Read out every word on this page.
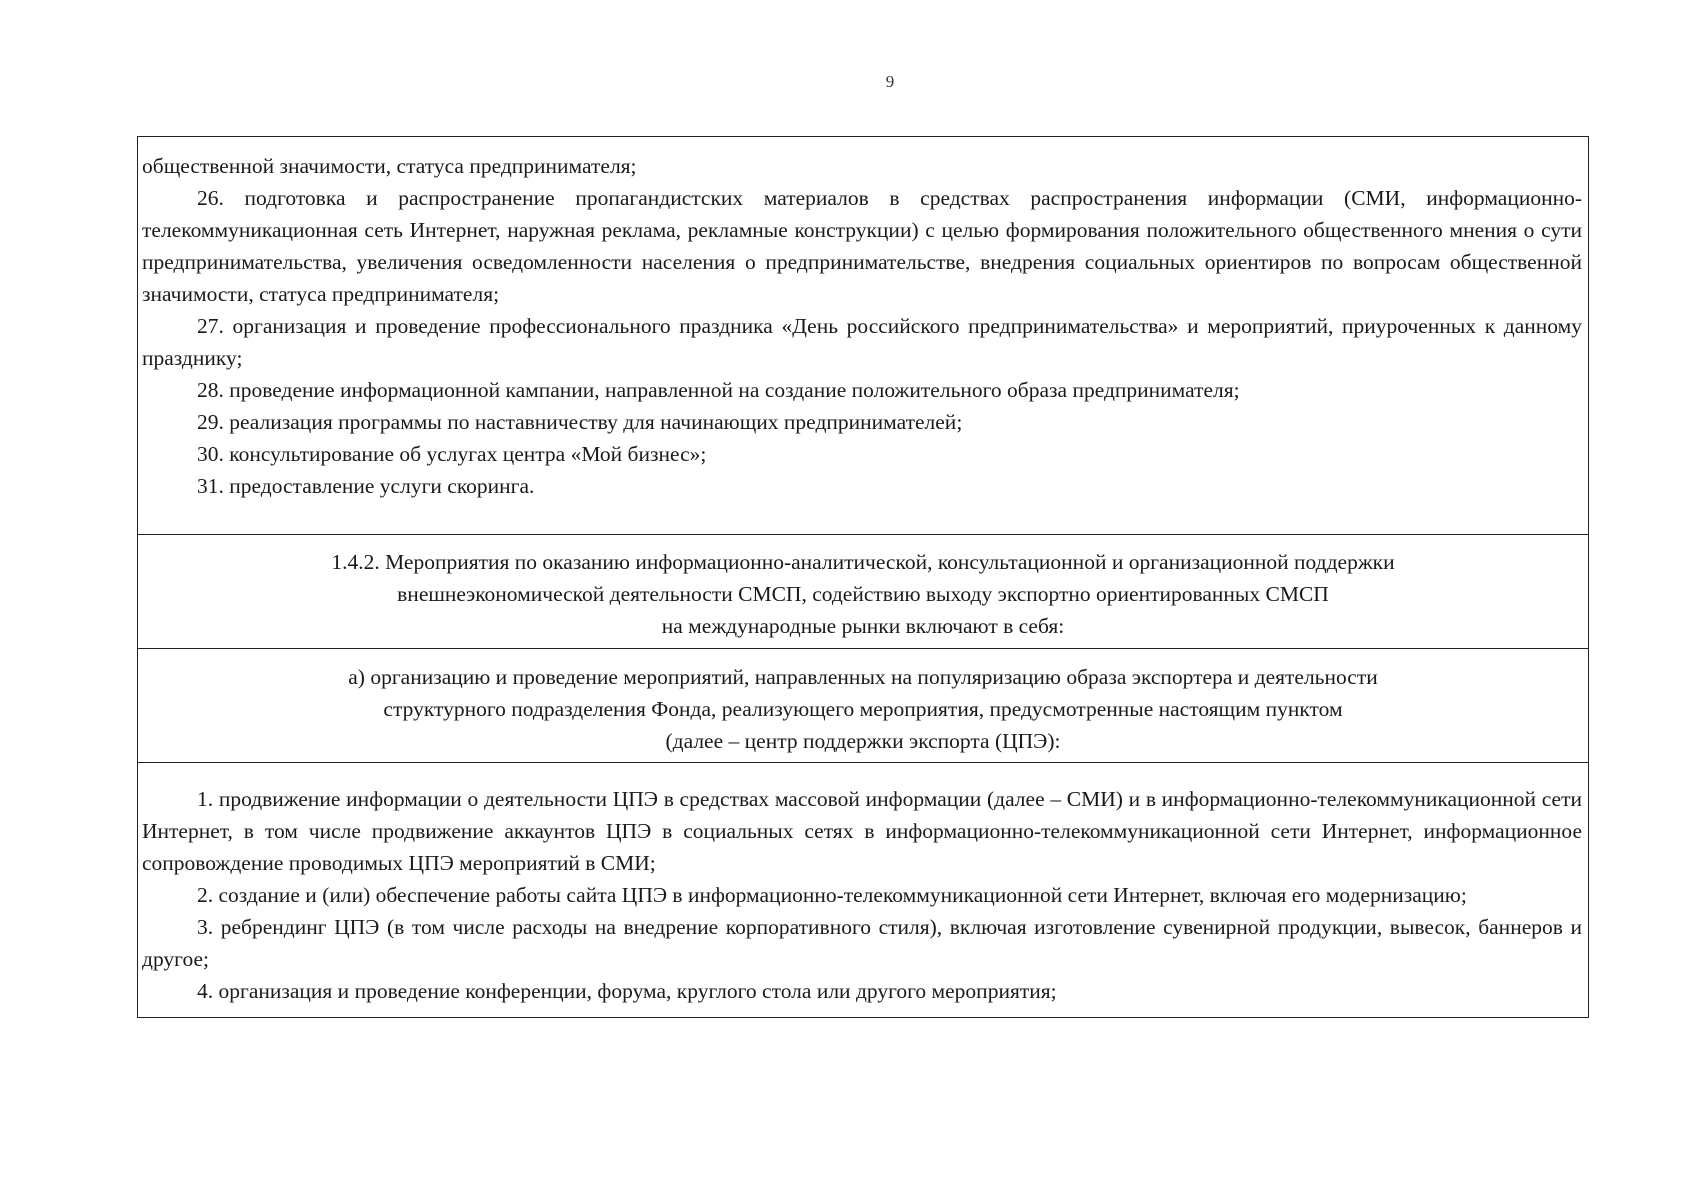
9

общественной значимости, статуса предпринимателя;

26. подготовка и распространение пропагандистских материалов в средствах распространения информации (СМИ, информационно-телекоммуникационная сеть Интернет, наружная реклама, рекламные конструкции) с целью формирования положительного общественного мнения о сути предпринимательства, увеличения осведомленности населения о предпринимательстве, внедрения социальных ориентиров по вопросам общественной значимости, статуса предпринимателя;

27. организация и проведение профессионального праздника «День российского предпринимательства» и мероприятий, приуроченных к данному празднику;

28. проведение информационной кампании, направленной на создание положительного образа предпринимателя;

29. реализация программы по наставничеству для начинающих предпринимателей;

30. консультирование об услугах центра «Мой бизнес»;

31. предоставление услуги скоринга.

1.4.2. Мероприятия по оказанию информационно-аналитической, консультационной и организационной поддержки

внешнеэкономической деятельности СМСП, содействию выходу экспортно ориентированных СМСП

на международные рынки включают в себя:

а) организацию и проведение мероприятий, направленных на популяризацию образа экспортера и деятельности

структурного подразделения Фонда, реализующего мероприятия, предусмотренные настоящим пунктом

(далее – центр поддержки экспорта (ЦПЭ):

1. продвижение информации о деятельности ЦПЭ в средствах массовой информации (далее – СМИ) и в информационно-телекоммуникационной сети Интернет, в том числе продвижение аккаунтов ЦПЭ в социальных сетях в информационно-телекоммуникационной сети Интернет, информационное сопровождение проводимых ЦПЭ мероприятий в СМИ;

2. создание и (или) обеспечение работы сайта ЦПЭ в информационно-телекоммуникационной сети Интернет, включая его модернизацию;

3. ребрендинг ЦПЭ (в том числе расходы на внедрение корпоративного стиля), включая изготовление сувенирной продукции, вывесок, баннеров и другое;

4. организация и проведение конференции, форума, круглого стола или другого мероприятия;
